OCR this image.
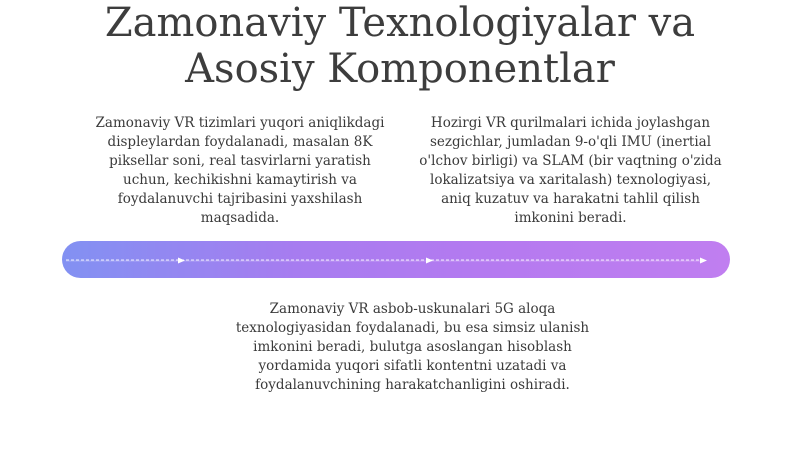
Zamonaviy Texnologiyalar va
Asosiy Komponentlar

Zamonaviy VR tizimlari yuqori aniqlikdagi displeylardan foydalanadi, masalan 8K piksellar soni, real tasvirlarni yaratish uchun, kechikishni kamaytirish va foydalanuvchi tajribasini yaxshilash maqsadida.

Hozirgi VR qurilmalari ichida joylashgan sezgichlar, jumladan 9-o'qli IMU (inertial o'lchov birligi) va SLAM (bir vaqtning o'zida lokalizatsiya va xaritalash) texnologiyasi, aniq kuzatuv va harakatni tahlil qilish imkonini beradi.

Zamonaviy VR asbob-uskunalari 5G aloqa texnologiyasidan foydalanadi, bu esa simsiz ulanish imkonini beradi, bulutga asoslangan hisoblash yordamida yuqori sifatli kontentni uzatadi va foydalanuvchining harakatchanligini oshiradi.
